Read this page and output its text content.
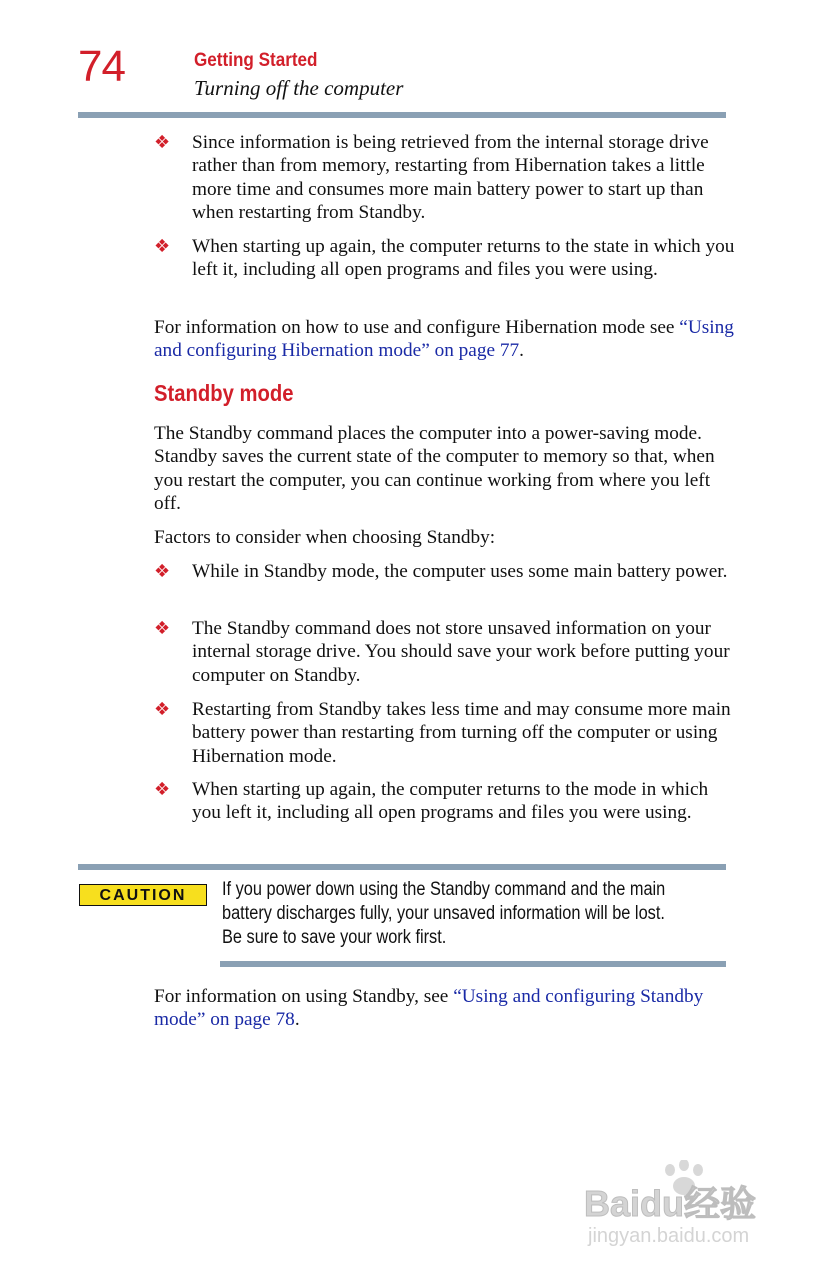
74	Getting Started
Turning off the computer
❖ Since information is being retrieved from the internal storage drive rather than from memory, restarting from Hibernation takes a little more time and consumes more main battery power to start up than when restarting from Standby.
❖ When starting up again, the computer returns to the state in which you left it, including all open programs and files you were using.
For information on how to use and configure Hibernation mode see “Using and configuring Hibernation mode” on page 77.
Standby mode
The Standby command places the computer into a power-saving mode. Standby saves the current state of the computer to memory so that, when you restart the computer, you can continue working from where you left off.
Factors to consider when choosing Standby:
❖ While in Standby mode, the computer uses some main battery power.
❖ The Standby command does not store unsaved information on your internal storage drive. You should save your work before putting your computer on Standby.
❖ Restarting from Standby takes less time and may consume more main battery power than restarting from turning off the computer or using Hibernation mode.
❖ When starting up again, the computer returns to the mode in which you left it, including all open programs and files you were using.
CAUTION	If you power down using the Standby command and the main battery discharges fully, your unsaved information will be lost. Be sure to save your work first.
For information on using Standby, see “Using and configuring Standby mode” on page 78.
Baidu经验
jingyan.baidu.com
